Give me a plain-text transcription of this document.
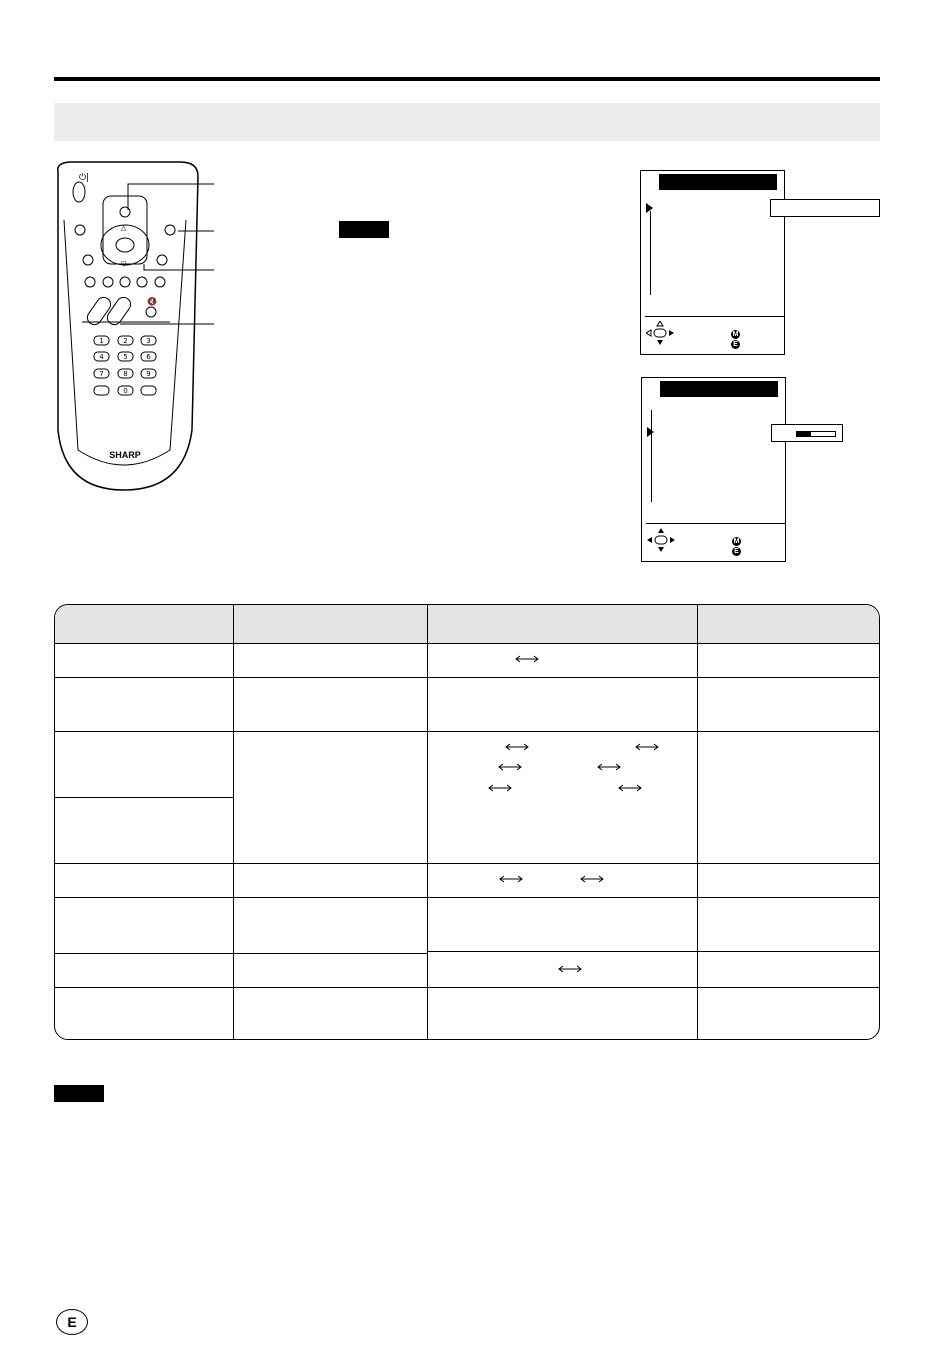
⏻|
△
▽
🔇
1	2	3
4	5	6
7	8	9
0
SHARP
M
E
M
E
E
